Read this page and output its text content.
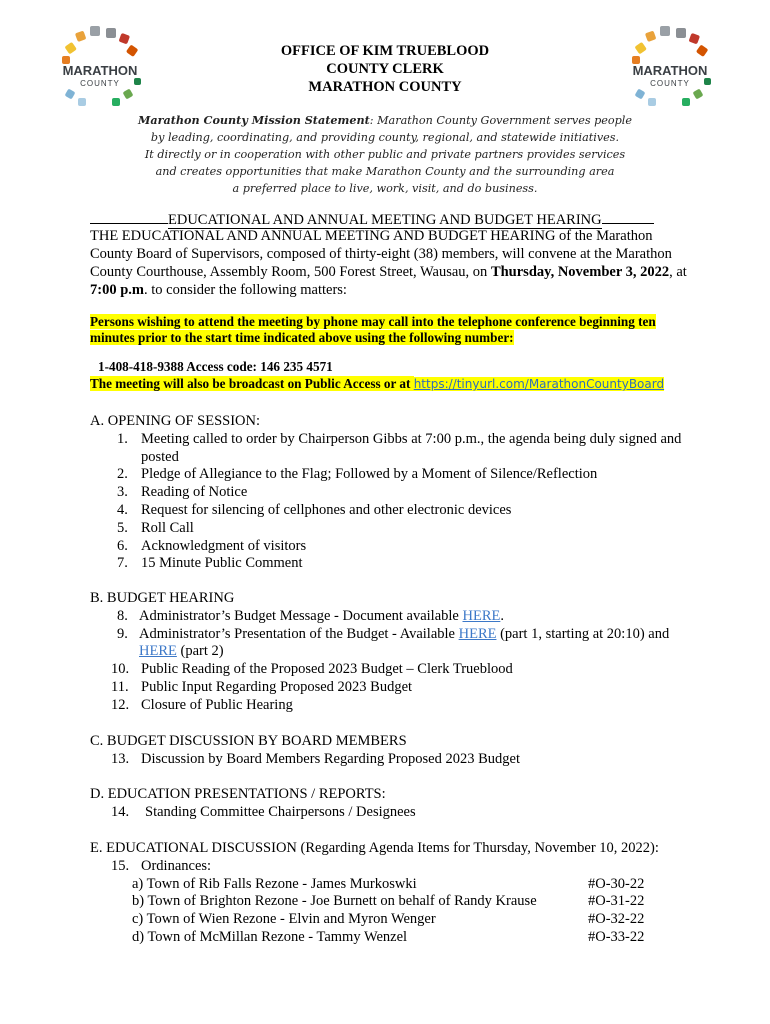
MARATHON
COUNTY
MARATHON
COUNTY
OFFICE OF KIM TRUEBLOOD
COUNTY CLERK
MARATHON COUNTY
Marathon County Mission Statement: Marathon County Government serves people
by leading, coordinating, and providing county, regional, and statewide initiatives.
It directly or in cooperation with other public and private partners provides services
and creates opportunities that make Marathon County and the surrounding area
a preferred place to live, work, visit, and do business.
EDUCATIONAL AND ANNUAL MEETING AND BUDGET HEARING
THE EDUCATIONAL AND ANNUAL MEETING AND BUDGET HEARING of the Marathon County Board of Supervisors, composed of thirty-eight (38) members, will convene at the Marathon County Courthouse, Assembly Room, 500 Forest Street, Wausau, on Thursday, November 3, 2022, at 7:00 p.m. to consider the following matters:
Persons wishing to attend the meeting by phone may call into the telephone conference beginning ten minutes prior to the start time indicated above using the following number:
1-408-418-9388 Access code: 146 235 4571
The meeting will also be broadcast on Public Access or at https://tinyurl.com/MarathonCountyBoard

A. OPENING OF SESSION:

1. Meeting called to order by Chairperson Gibbs at 7:00 p.m., the agenda being duly signed and posted

2. Pledge of Allegiance to the Flag; Followed by a Moment of Silence/Reflection

3. Reading of Notice

4. Request for silencing of cellphones and other electronic devices

5. Roll Call

6. Acknowledgment of visitors

7. 15 Minute Public Comment

B. BUDGET HEARING

8. Administrator’s Budget Message - Document available HERE.

9. Administrator’s Presentation of the Budget - Available HERE (part 1, starting at 20:10) and HERE (part 2)

10. Public Reading of the Proposed 2023 Budget – Clerk Trueblood

11. Public Input Regarding Proposed 2023 Budget

12. Closure of Public Hearing

C. BUDGET DISCUSSION BY BOARD MEMBERS

13. Discussion by Board Members Regarding Proposed 2023 Budget

D. EDUCATION PRESENTATIONS / REPORTS:

14. Standing Committee Chairpersons / Designees

E. EDUCATIONAL DISCUSSION (Regarding Agenda Items for Thursday, November 10, 2022):

15. Ordinances:

a) Town of Rib Falls Rezone - James Murkoswki	#O-30-22
b) Town of Brighton Rezone - Joe Burnett on behalf of Randy Krause	#O-31-22
c) Town of Wien Rezone - Elvin and Myron Wenger	#O-32-22
d) Town of McMillan Rezone - Tammy Wenzel	#O-33-22
